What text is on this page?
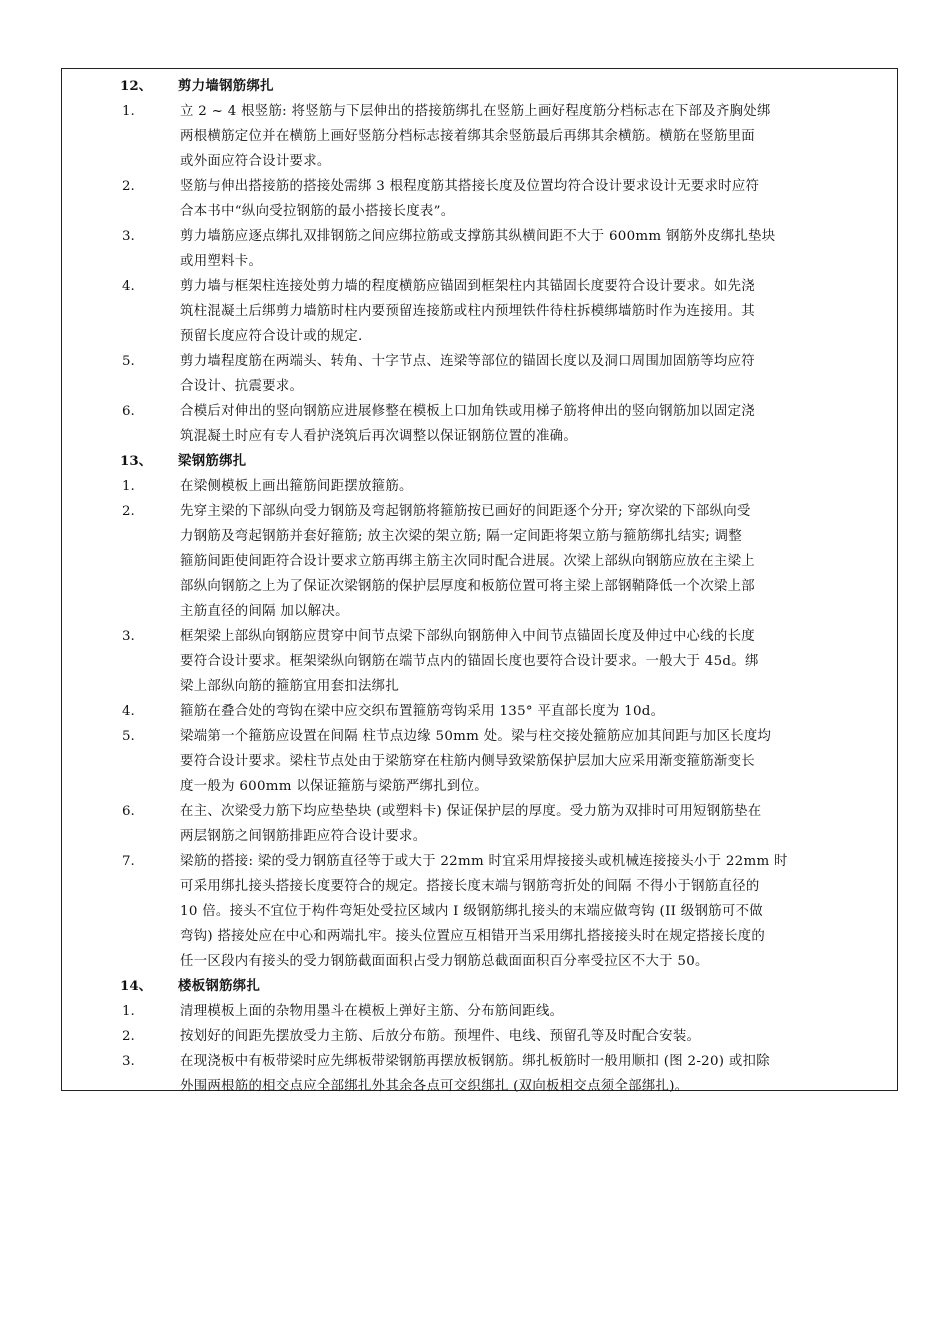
12、	剪力墙钢筋绑扎
1.	立 2 ~ 4 根竖筋: 将竖筋与下层伸出的搭接筋绑扎在竖筋上画好程度筋分档标志在下部及齐胸处绑
两根横筋定位并在横筋上画好竖筋分档标志接着绑其余竖筋最后再绑其余横筋。横筋在竖筋里面
或外面应符合设计要求。
2.	竖筋与伸出搭接筋的搭接处需绑 3 根程度筋其搭接长度及位置均符合设计要求设计无要求时应符
合本书中“纵向受拉钢筋的最小搭接长度表”。
3.	剪力墙筋应逐点绑扎双排钢筋之间应绑拉筋或支撑筋其纵横间距不大于 600mm 钢筋外皮绑扎垫块
或用塑料卡。
4.	剪力墙与框架柱连接处剪力墙的程度横筋应锚固到框架柱内其锚固长度要符合设计要求。如先浇
筑柱混凝土后绑剪力墙筋时柱内要预留连接筋或柱内预埋铁件待柱拆模绑墙筋时作为连接用。其
预留长度应符合设计或的规定.
5.	剪力墙程度筋在两端头、转角、十字节点、连梁等部位的锚固长度以及洞口周围加固筋等均应符
合设计、抗震要求。
6.	合模后对伸出的竖向钢筋应进展修整在模板上口加角铁或用梯子筋将伸出的竖向钢筋加以固定浇
筑混凝土时应有专人看护浇筑后再次调整以保证钢筋位置的准确。
13、	梁钢筋绑扎
1.	在梁侧模板上画出箍筋间距摆放箍筋。
2.	先穿主梁的下部纵向受力钢筋及弯起钢筋将箍筋按已画好的间距逐个分开; 穿次梁的下部纵向受
力钢筋及弯起钢筋并套好箍筋; 放主次梁的架立筋; 隔一定间距将架立筋与箍筋绑扎结实; 调整
箍筋间距使间距符合设计要求立筋再绑主筋主次同时配合进展。次梁上部纵向钢筋应放在主梁上
部纵向钢筋之上为了保证次梁钢筋的保护层厚度和板筋位置可将主梁上部钢鞘降低一个次梁上部
主筋直径的间隔 加以解决。
3.	框架梁上部纵向钢筋应贯穿中间节点梁下部纵向钢筋伸入中间节点锚固长度及伸过中心线的长度
要符合设计要求。框架梁纵向钢筋在端节点内的锚固长度也要符合设计要求。一般大于 45d。绑
梁上部纵向筋的箍筋宜用套扣法绑扎
4.	箍筋在叠合处的弯钩在梁中应交织布置箍筋弯钩采用 135° 平直部长度为 10d。
5.	梁端第一个箍筋应设置在间隔 柱节点边缘 50mm 处。梁与柱交接处箍筋应加其间距与加区长度均
要符合设计要求。梁柱节点处由于梁筋穿在柱筋内侧导致梁筋保护层加大应采用渐变箍筋渐变长
度一般为 600mm 以保证箍筋与梁筋严绑扎到位。
6.	在主、次梁受力筋下均应垫垫块 (或塑料卡) 保证保护层的厚度。受力筋为双排时可用短钢筋垫在
两层钢筋之间钢筋排距应符合设计要求。
7.	梁筋的搭接: 梁的受力钢筋直径等于或大于 22mm 时宜采用焊接接头或机械连接接头小于 22mm 时
可采用绑扎接头搭接长度要符合的规定。搭接长度末端与钢筋弯折处的间隔 不得小于钢筋直径的
10 倍。接头不宜位于构件弯矩处受拉区域内 I 级钢筋绑扎接头的末端应做弯钩 (II 级钢筋可不做
弯钩) 搭接处应在中心和两端扎牢。接头位置应互相错开当采用绑扎搭接接头时在规定搭接长度的
任一区段内有接头的受力钢筋截面面积占受力钢筋总截面面积百分率受拉区不大于 50。
14、	楼板钢筋绑扎
1.	清理模板上面的杂物用墨斗在模板上弹好主筋、分布筋间距线。
2.	按划好的间距先摆放受力主筋、后放分布筋。预埋件、电线、预留孔等及时配合安装。
3.	在现浇板中有板带梁时应先绑板带梁钢筋再摆放板钢筋。绑扎板筋时一般用顺扣 (图 2-20) 或扣除
外围两根筋的相交点应全部绑扎外其余各点可交织绑扎 (双向板相交点须全部绑扎)。
